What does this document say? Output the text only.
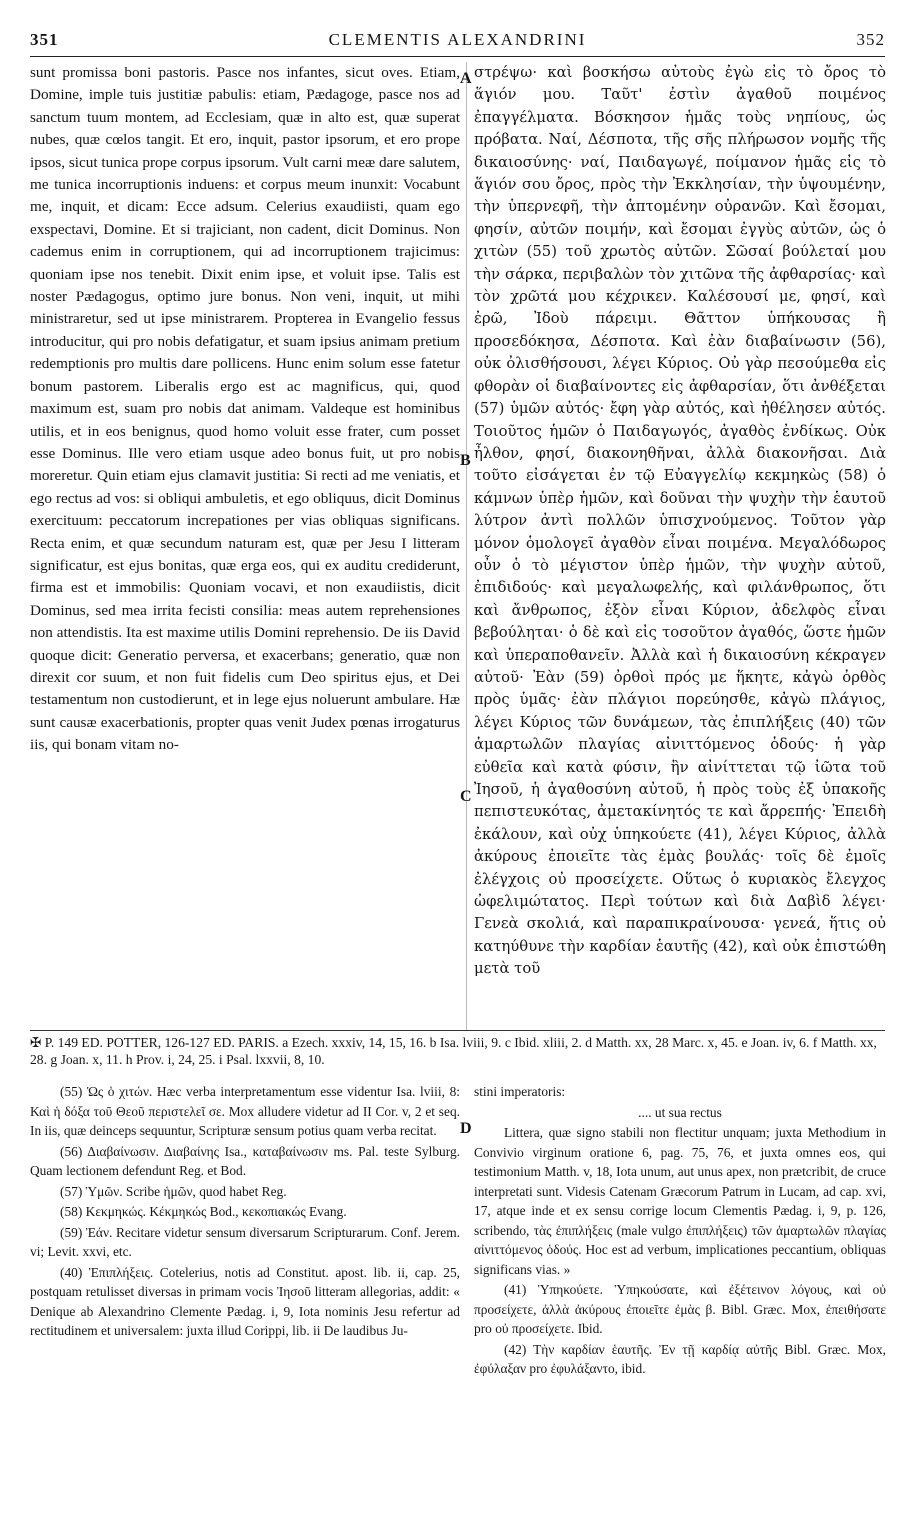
351	CLEMENTIS ALEXANDRINI	352

sunt promissa boni pastoris. Pasce nos infantes, sicut oves. Etiam, Domine, imple tuis justitiæ pabulis: etiam, Pædagoge, pasce nos ad sanctum tuum montem, ad Ecclesiam, quæ in alto est, quæ superat nubes, quæ cœlos tangit. Et ero, inquit, pastor ipsorum, et ero prope ipsos, sicut tunica prope corpus ipsorum. Vult carni meæ dare salutem, me tunica incorruptionis induens: et corpus meum inunxit: Vocabunt me, inquit, et dicam: Ecce adsum. Celerius exaudiisti, quam ego exspectavi, Domine. Et si trajiciant, non cadent, dicit Dominus. Non cademus enim in corruptionem, qui ad incorruptionem trajicimus: quoniam ipse nos tenebit. Dixit enim ipse, et voluit ipse. Talis est noster Pædagogus, optimo jure bonus. Non veni, inquit, ut mihi ministraretur, sed ut ipse ministrarem. Propterea in Evangelio fessus introducitur, qui pro nobis defatigatur, et suam ipsius animam pretium redemptionis pro multis dare pollicens. Hunc enim solum esse fatetur bonum pastorem. Liberalis ergo est ac magnificus, qui, quod maximum est, suam pro nobis dat animam. Valdeque est hominibus utilis, et in eos benignus, quod homo voluit esse frater, cum posset esse Dominus. Ille vero etiam usque adeo bonus fuit, ut pro nobis moreretur. Quin etiam ejus clamavit justitia: Si recti ad me veniatis, et ego rectus ad vos: si obliqui ambuletis, et ego obliquus, dicit Dominus exercituum: peccatorum increpationes per vias obliquas significans. Recta enim, et quæ secundum naturam est, quæ per Jesu I litteram significatur, est ejus bonitas, quæ erga eos, qui ex auditu crediderunt, firma est et immobilis: Quoniam vocavi, et non exaudiistis, dicit Dominus, sed mea irrita fecisti consilia: meas autem reprehensiones non attendistis. Ita est maxime utilis Domini reprehensio. De iis David quoque dicit: Generatio perversa, et exacerbans; generatio, quæ non direxit cor suum, et non fuit fidelis cum Deo spiritus ejus, et Dei testamentum non custodierunt, et in lege ejus noluerunt ambulare. Hæ sunt causæ exacerbationis, propter quas venit Judex pœnas irrogaturus iis, qui bonam vitam no-

A
B
C
D

στρέψω· καὶ βοσκήσω αὐτοὺς ἐγὼ εἰς τὸ ὄρος τὸ ἅγιόν μου. Ταῦτ' ἐστὶν ἀγαθοῦ ποιμένος ἐπαγγέλματα. Βόσκησον ἡμᾶς τοὺς νηπίους, ὡς πρόβατα. Ναί, Δέσποτα, τῆς σῆς πλήρωσον νομῆς τῆς δικαιοσύνης· ναί, Παιδαγωγέ, ποίμανον ἡμᾶς εἰς τὸ ἅγιόν σου ὄρος, πρὸς τὴν Ἐκκλησίαν, τὴν ὑψουμένην, τὴν ὑπερνεφῆ, τὴν ἁπτομένην οὐρανῶν. Καὶ ἔσομαι, φησίν, αὐτῶν ποιμήν, καὶ ἔσομαι ἐγγὺς αὐτῶν, ὡς ὁ χιτὼν (55) τοῦ χρωτὸς αὐτῶν. Σῶσαί βούλεταί μου τὴν σάρκα, περιβαλὼν τὸν χιτῶνα τῆς ἀφθαρσίας· καὶ τὸν χρῶτά μου κέχρικεν. Καλέσουσί με, φησί, καὶ ἐρῶ, Ἰδοὺ πάρειμι. Θᾶττον ὑπήκουσας ἢ προσεδόκησα, Δέσποτα. Καὶ ἐὰν διαβαίνωσιν (56), οὐκ ὀλισθήσουσι, λέγει Κύριος. Οὐ γὰρ πεσούμεθα εἰς φθορὰν οἱ διαβαίνοντες εἰς ἀφθαρσίαν, ὅτι ἀνθέξεται (57) ὑμῶν αὐτός· ἔφη γὰρ αὐτός, καὶ ἠθέλησεν αὐτός. Τοιοῦτος ἡμῶν ὁ Παιδαγωγός, ἀγαθὸς ἐνδίκως. Οὐκ ἦλθον, φησί, διακονηθῆναι, ἀλλὰ διακονῆσαι. Διὰ τοῦτο εἰσάγεται ἐν τῷ Εὐαγγελίῳ κεκμηκὼς (58) ὁ κάμνων ὑπὲρ ἡμῶν, καὶ δοῦναι τὴν ψυχὴν τὴν ἑαυτοῦ λύτρον ἀντὶ πολλῶν ὑπισχνούμενος. Τοῦτον γὰρ μόνον ὁμολογεῖ ἀγαθὸν εἶναι ποιμένα. Μεγαλόδωρος οὖν ὁ τὸ μέγιστον ὑπὲρ ἡμῶν, τὴν ψυχὴν αὐτοῦ, ἐπιδιδούς· καὶ μεγαλωφελής, καὶ φιλάνθρωπος, ὅτι καὶ ἄνθρωπος, ἐξὸν εἶναι Κύριον, ἀδελφὸς εἶναι βεβούληται· ὁ δὲ καὶ εἰς τοσοῦτον ἀγαθός, ὥστε ἡμῶν καὶ ὑπεραποθανεῖν. Ἀλλὰ καὶ ἡ δικαιοσύνη κέκραγεν αὐτοῦ· Ἐὰν (59) ὀρθοὶ πρός με ἥκητε, κἀγὼ ὀρθὸς πρὸς ὑμᾶς· ἐὰν πλάγιοι πορεύησθε, κἀγὼ πλάγιος, λέγει Κύριος τῶν δυνάμεων, τὰς ἐπιπλήξεις (40) τῶν ἁμαρτωλῶν πλαγίας αἰνιττόμενος ὁδούς· ἡ γὰρ εὐθεῖα καὶ κατὰ φύσιν, ἣν αἰνίττεται τῷ ἰῶτα τοῦ Ἰησοῦ, ἡ ἀγαθοσύνη αὐτοῦ, ἡ πρὸς τοὺς ἐξ ὑπακοῆς πεπιστευκότας, ἀμετακίνητός τε καὶ ἄρρεπής· Ἐπειδὴ ἐκάλουν, καὶ οὐχ ὑπηκούετε (41), λέγει Κύριος, ἀλλὰ ἀκύρους ἐποιεῖτε τὰς ἐμὰς βουλάς· τοῖς δὲ ἐμοῖς ἐλέγχοις οὐ προσείχετε. Οὕτως ὁ κυριακὸς ἔλεγχος ὠφελιμώτατος. Περὶ τούτων καὶ διὰ Δαβὶδ λέγει· Γενεὰ σκολιά, καὶ παραπικραίνουσα· γενεά, ἥτις οὐ κατηύθυνε τὴν καρδίαν ἑαυτῆς (42), καὶ οὐκ ἐπιστώθη μετὰ τοῦ

✠ P. 149 ED. POTTER, 126-127 ED. PARIS. a Ezech. xxxiv, 14, 15, 16. b Isa. lviii, 9. c Ibid. xliii, 2. d Matth. xx, 28 Marc. x, 45. e Joan. iv, 6. f Matth. xx, 28. g Joan. x, 11. h Prov. i, 24, 25. i Psal. lxxvii, 8, 10.

(55) Ὡς ὁ χιτών. Hæc verba interpretamentum esse videntur Isa. lviii, 8: Καὶ ἡ δόξα τοῦ Θεοῦ περιστελεῖ σε. Mox alludere videtur ad II Cor. v, 2 et seq. In iis, quæ deinceps sequuntur, Scripturæ sensum potius quam verba recitat.

(56) Διαβαίνωσιν. Διαβαίνης Isa., καταβαίνωσιν ms. Pal. teste Sylburg. Quam lectionem defendunt Reg. et Bod.

(57) Ὑμῶν. Scribe ἡμῶν, quod habet Reg.

(58) Κεκμηκώς. Κέκμηκώς Bod., κεκοπιακώς Evang.

(59) Ἐάν. Recitare videtur sensum diversarum Scripturarum. Conf. Jerem. vi; Levit. xxvi, etc.

(40) Ἐπιπλήξεις. Cotelerius, notis ad Constitut. apost. lib. ii, cap. 25, postquam retulisset diversas in primam vocis Ἰησοῦ litteram allegorias, addit: « Denique ab Alexandrino Clemente Pædag. i, 9, Iota nominis Jesu refertur ad rectitudinem et universalem: juxta illud Corippi, lib. ii De laudibus Ju-

stini imperatoris:

.... ut sua rectus

Littera, quæ signo stabili non flectitur unquam; juxta Methodium in Convivio virginum oratione 6, pag. 75, 76, et juxta omnes eos, qui testimonium Matth. v, 18, Iota unum, aut unus apex, non prætcribit, de cruce interpretati sunt. Videsis Catenam Græcorum Patrum in Lucam, ad cap. xvi, 17, atque inde et ex sensu corrige locum Clementis Pædag. i, 9, p. 126, scribendo, τὰς ἐπιπλήξεις (male vulgo ἐπιπλήξεις) τῶν ἁμαρτωλῶν πλαγίας αἰνιττόμενος ὁδούς. Hoc est ad verbum, implicationes peccantium, obliquas significans vias. »

(41) Ὑπηκούετε. Ὑπηκούσατε, καὶ ἐξέτεινον λόγους, καὶ οὐ προσείχετε, ἀλλὰ ἀκύρους ἐποιεῖτε ἐμὰς β. Bibl. Græc. Mox, ἐπειθήσατε pro οὐ προσείχετε. Ibid.

(42) Τὴν καρδίαν ἑαυτῆς. Ἐν τῇ καρδίᾳ αὐτῆς Bibl. Græc. Mox, ἐφύλαξαν pro ἐφυλάξαντο, ibid.
